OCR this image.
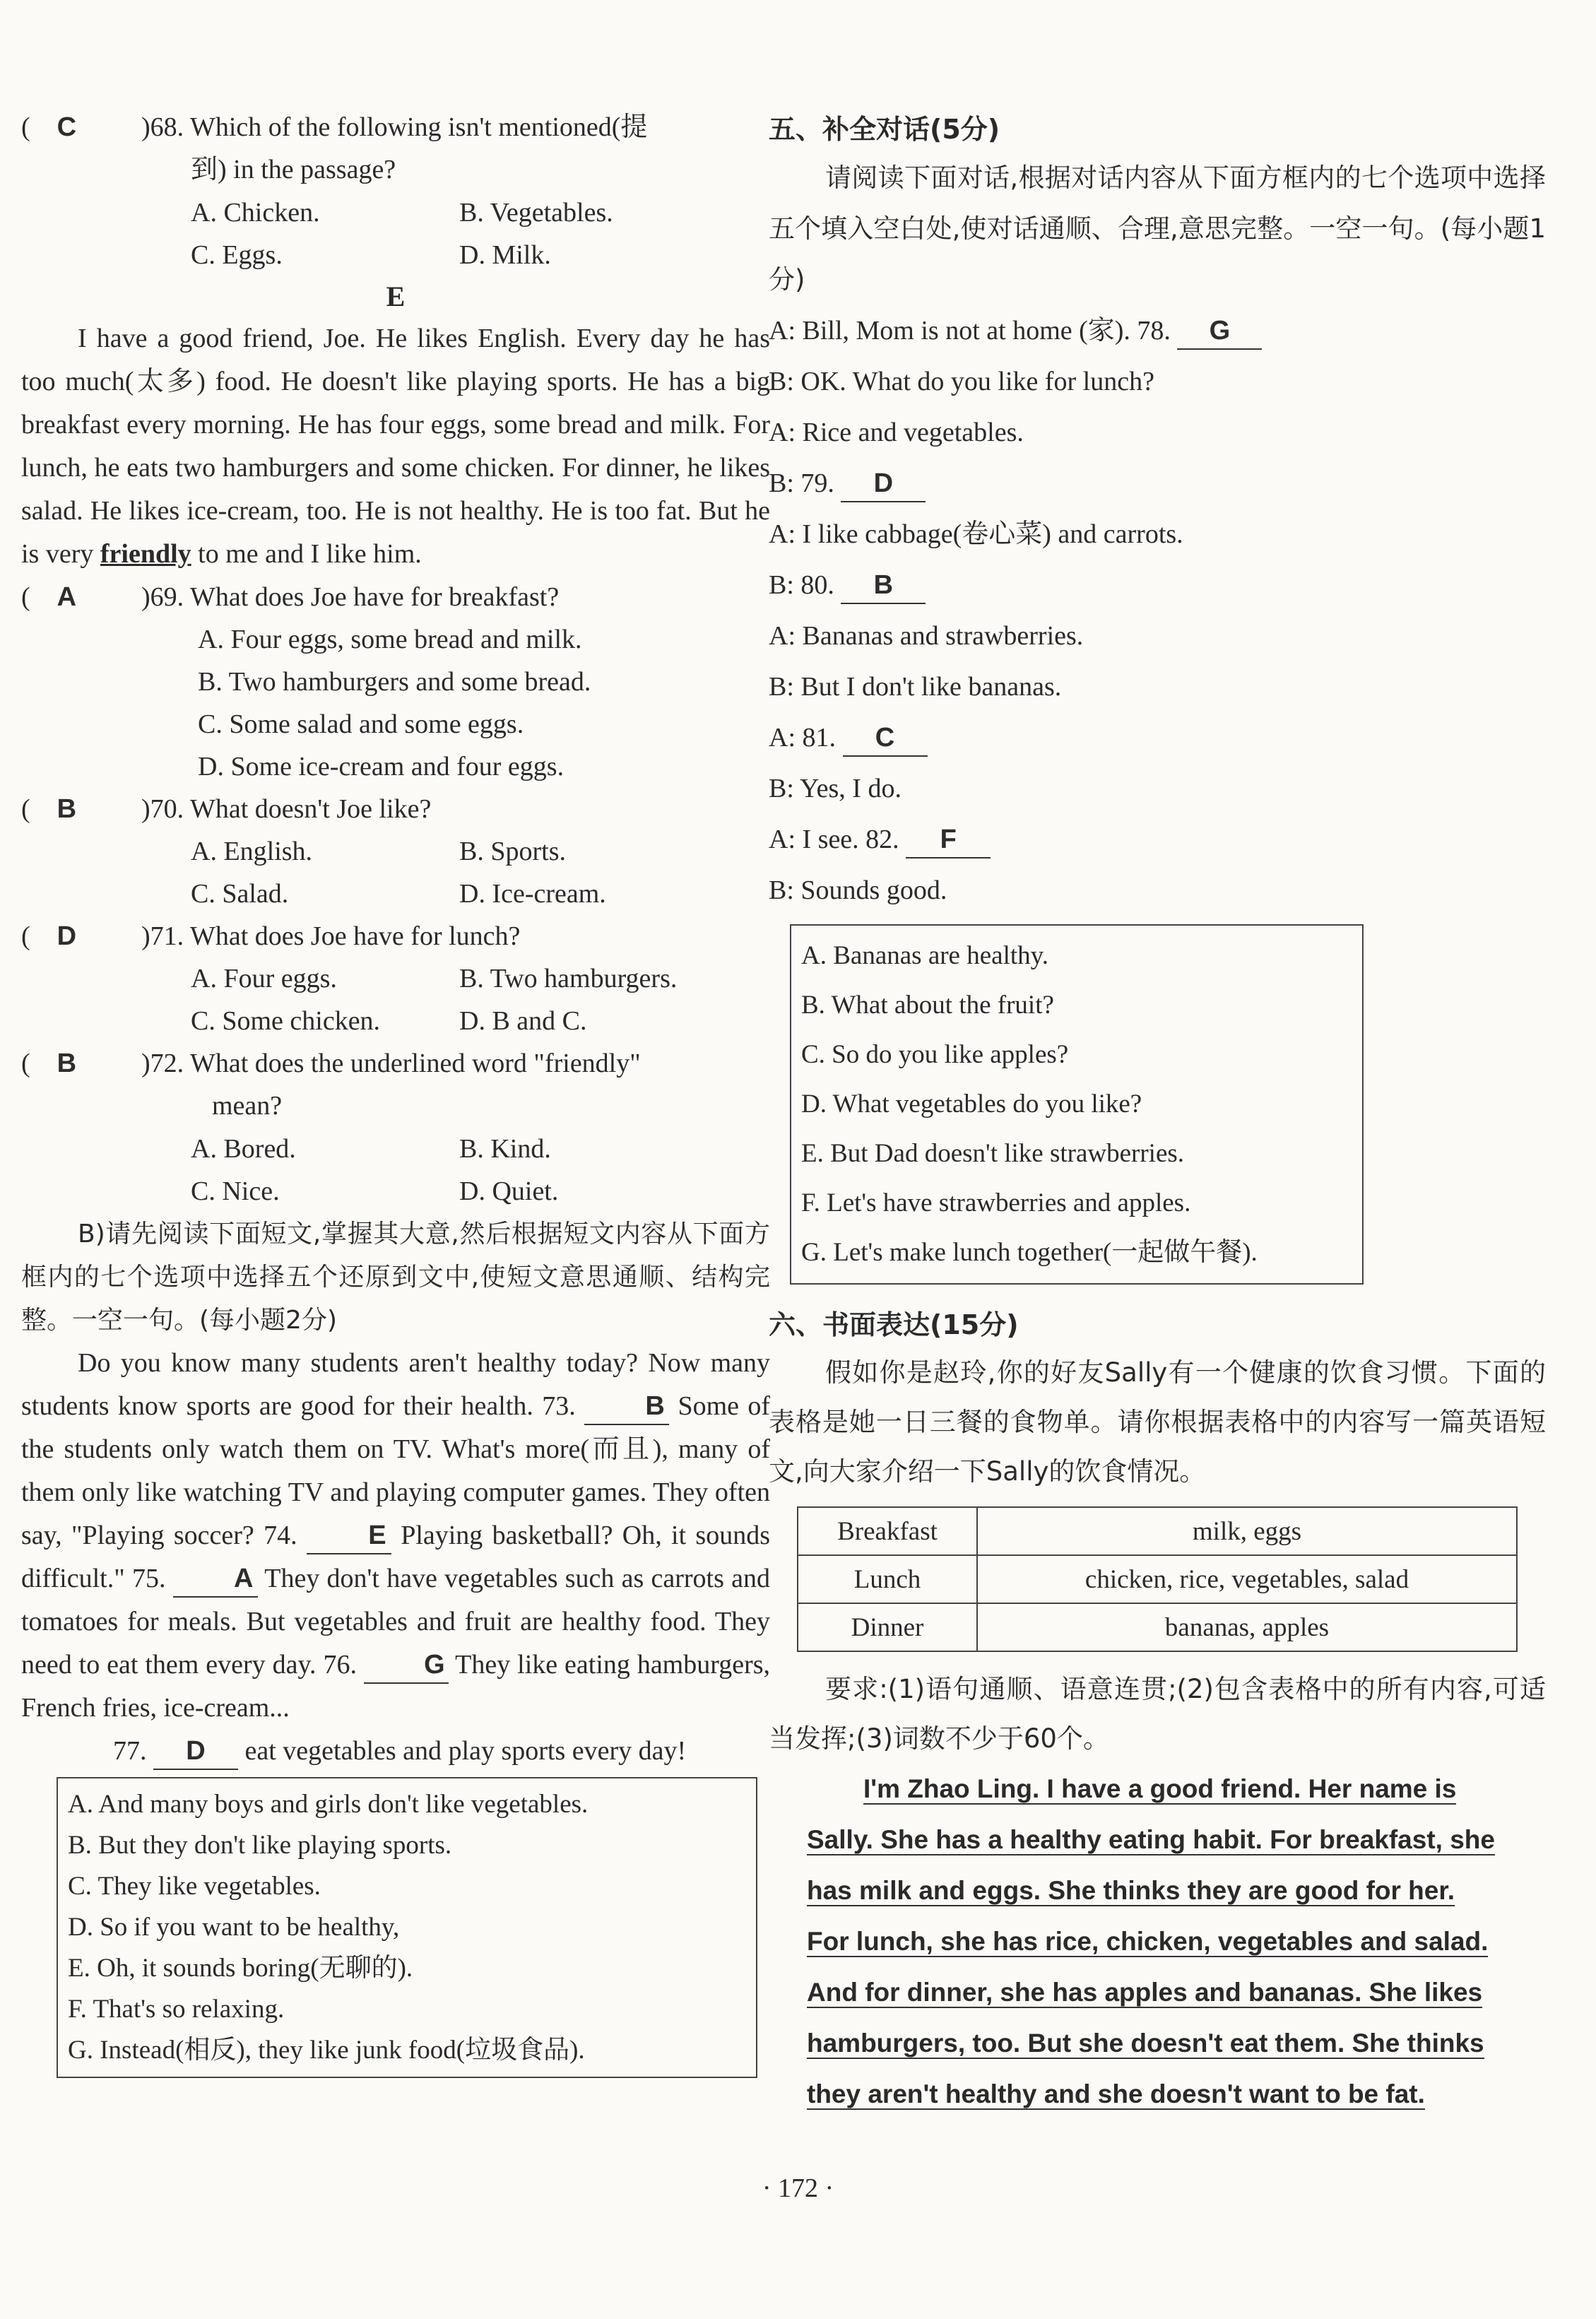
(    C	)68. Which of the following isn't mentioned(提
到) in the passage?
A. Chicken.	B. Vegetables.
C. Eggs.	D. Milk.
E

I have a good friend, Joe. He likes English. Every day he has too much(太多) food. He doesn't like playing sports. He has a big breakfast every morning. He has four eggs, some bread and milk. For lunch, he eats two hamburgers and some chicken. For dinner, he likes salad. He likes ice-cream, too. He is not healthy. He is too fat. But he is very friendly to me and I like him.

(    A	)69. What does Joe have for breakfast?
A. Four eggs, some bread and milk.
B. Two hamburgers and some bread.
C. Some salad and some eggs.
D. Some ice-cream and four eggs.
(    B	)70. What doesn't Joe like?
A. English.	B. Sports.
C. Salad.	D. Ice-cream.
(    D	)71. What does Joe have for lunch?
A. Four eggs.	B. Two hamburgers.
C. Some chicken.	D. B and C.
(    B	)72. What does the underlined word "friendly"
mean?
A. Bored.	B. Kind.
C. Nice.	D. Quiet.

B)请先阅读下面短文,掌握其大意,然后根据短文内容从下面方框内的七个选项中选择五个还原到文中,使短文意思通顺、结构完整。一空一句。(每小题2分)

Do you know many students aren't healthy today? Now many students know sports are good for their health. 73.	B Some of the students only watch them on TV. What's more(而且), many of them only like watching TV and playing computer games. They often say, "Playing soccer? 74.	E Playing basketball? Oh, it sounds difficult." 75.	A They don't have vegetables such as carrots and tomatoes for meals. But vegetables and fruit are healthy food. They need to eat them every day. 76.	G They like eating hamburgers, French fries, ice-cream...

77. D eat vegetables and play sports every day!

A. And many boys and girls don't like vegetables.
B. But they don't like playing sports.
C. They like vegetables.
D. So if you want to be healthy,
E. Oh, it sounds boring(无聊的).
F. That's so relaxing.
G. Instead(相反), they like junk food(垃圾食品).

五、补全对话(5分)

请阅读下面对话,根据对话内容从下面方框内的七个选项中选择五个填入空白处,使对话通顺、合理,意思完整。一空一句。(每小题1分)

A: Bill, Mom is not at home (家). 78. G
B: OK. What do you like for lunch?
A: Rice and vegetables.
B: 79. D
A: I like cabbage(卷心菜) and carrots.
B: 80. B
A: Bananas and strawberries.
B: But I don't like bananas.
A: 81. C
B: Yes, I do.
A: I see. 82. F
B: Sounds good.
A. Bananas are healthy.
B. What about the fruit?
C. So do you like apples?
D. What vegetables do you like?
E. But Dad doesn't like strawberries.
F. Let's have strawberries and apples.
G. Let's make lunch together(一起做午餐).

六、书面表达(15分)

假如你是赵玲,你的好友Sally有一个健康的饮食习惯。下面的表格是她一日三餐的食物单。请你根据表格中的内容写一篇英语短文,向大家介绍一下Sally的饮食情况。

Breakfast	milk, eggs
Lunch	chicken, rice, vegetables, salad
Dinner	bananas, apples

要求:(1)语句通顺、语意连贯;(2)包含表格中的所有内容,可适当发挥;(3)词数不少于60个。

I'm Zhao Ling. I have a good friend. Her name is
Sally. She has a healthy eating habit. For breakfast, she
has milk and eggs. She thinks they are good for her.
For lunch, she has rice, chicken, vegetables and salad.
And for dinner, she has apples and bananas. She likes
hamburgers, too. But she doesn't eat them. She thinks
they aren't healthy and she doesn't want to be fat.
· 172 ·
